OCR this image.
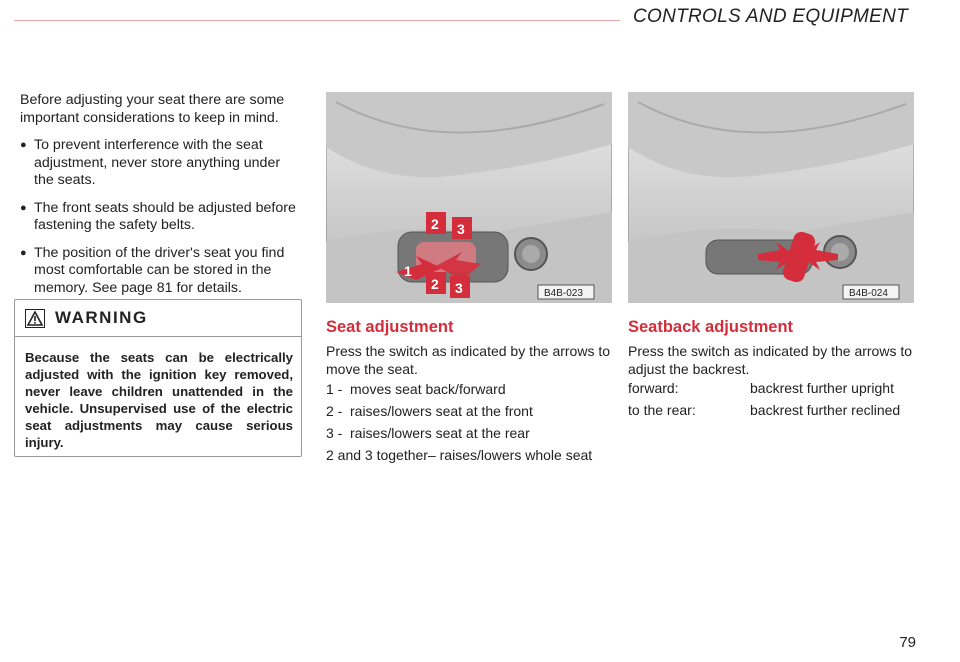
CONTROLS AND EQUIPMENT

Before adjusting your seat there are some important considerations to keep in mind.

● To prevent interference with the seat adjustment, never store anything under the seats.

● The front seats should be adjusted before fastening the safety belts.

● The position of the driver's seat you find most comfortable can be stored in the memory. See page 81 for details.

WARNING
Because the seats can be electrically adjusted with the ignition key removed, never leave children unattended in the vehicle. Unsupervised use of the electric seat adjustments may cause serious injury.
2 3
1
2 3	B4B-023	B4B-024
Seat adjustment
Press the switch as indicated by the arrows to move the seat.
1 - moves seat back/forward
2 - raises/lowers seat at the front
3 - raises/lowers seat at the rear
2 and 3 together– raises/lowers whole seat
Seatback adjustment
Press the switch as indicated by the arrows to adjust the backrest.
forward:	backrest further upright
to the rear:	backrest further reclined
79
